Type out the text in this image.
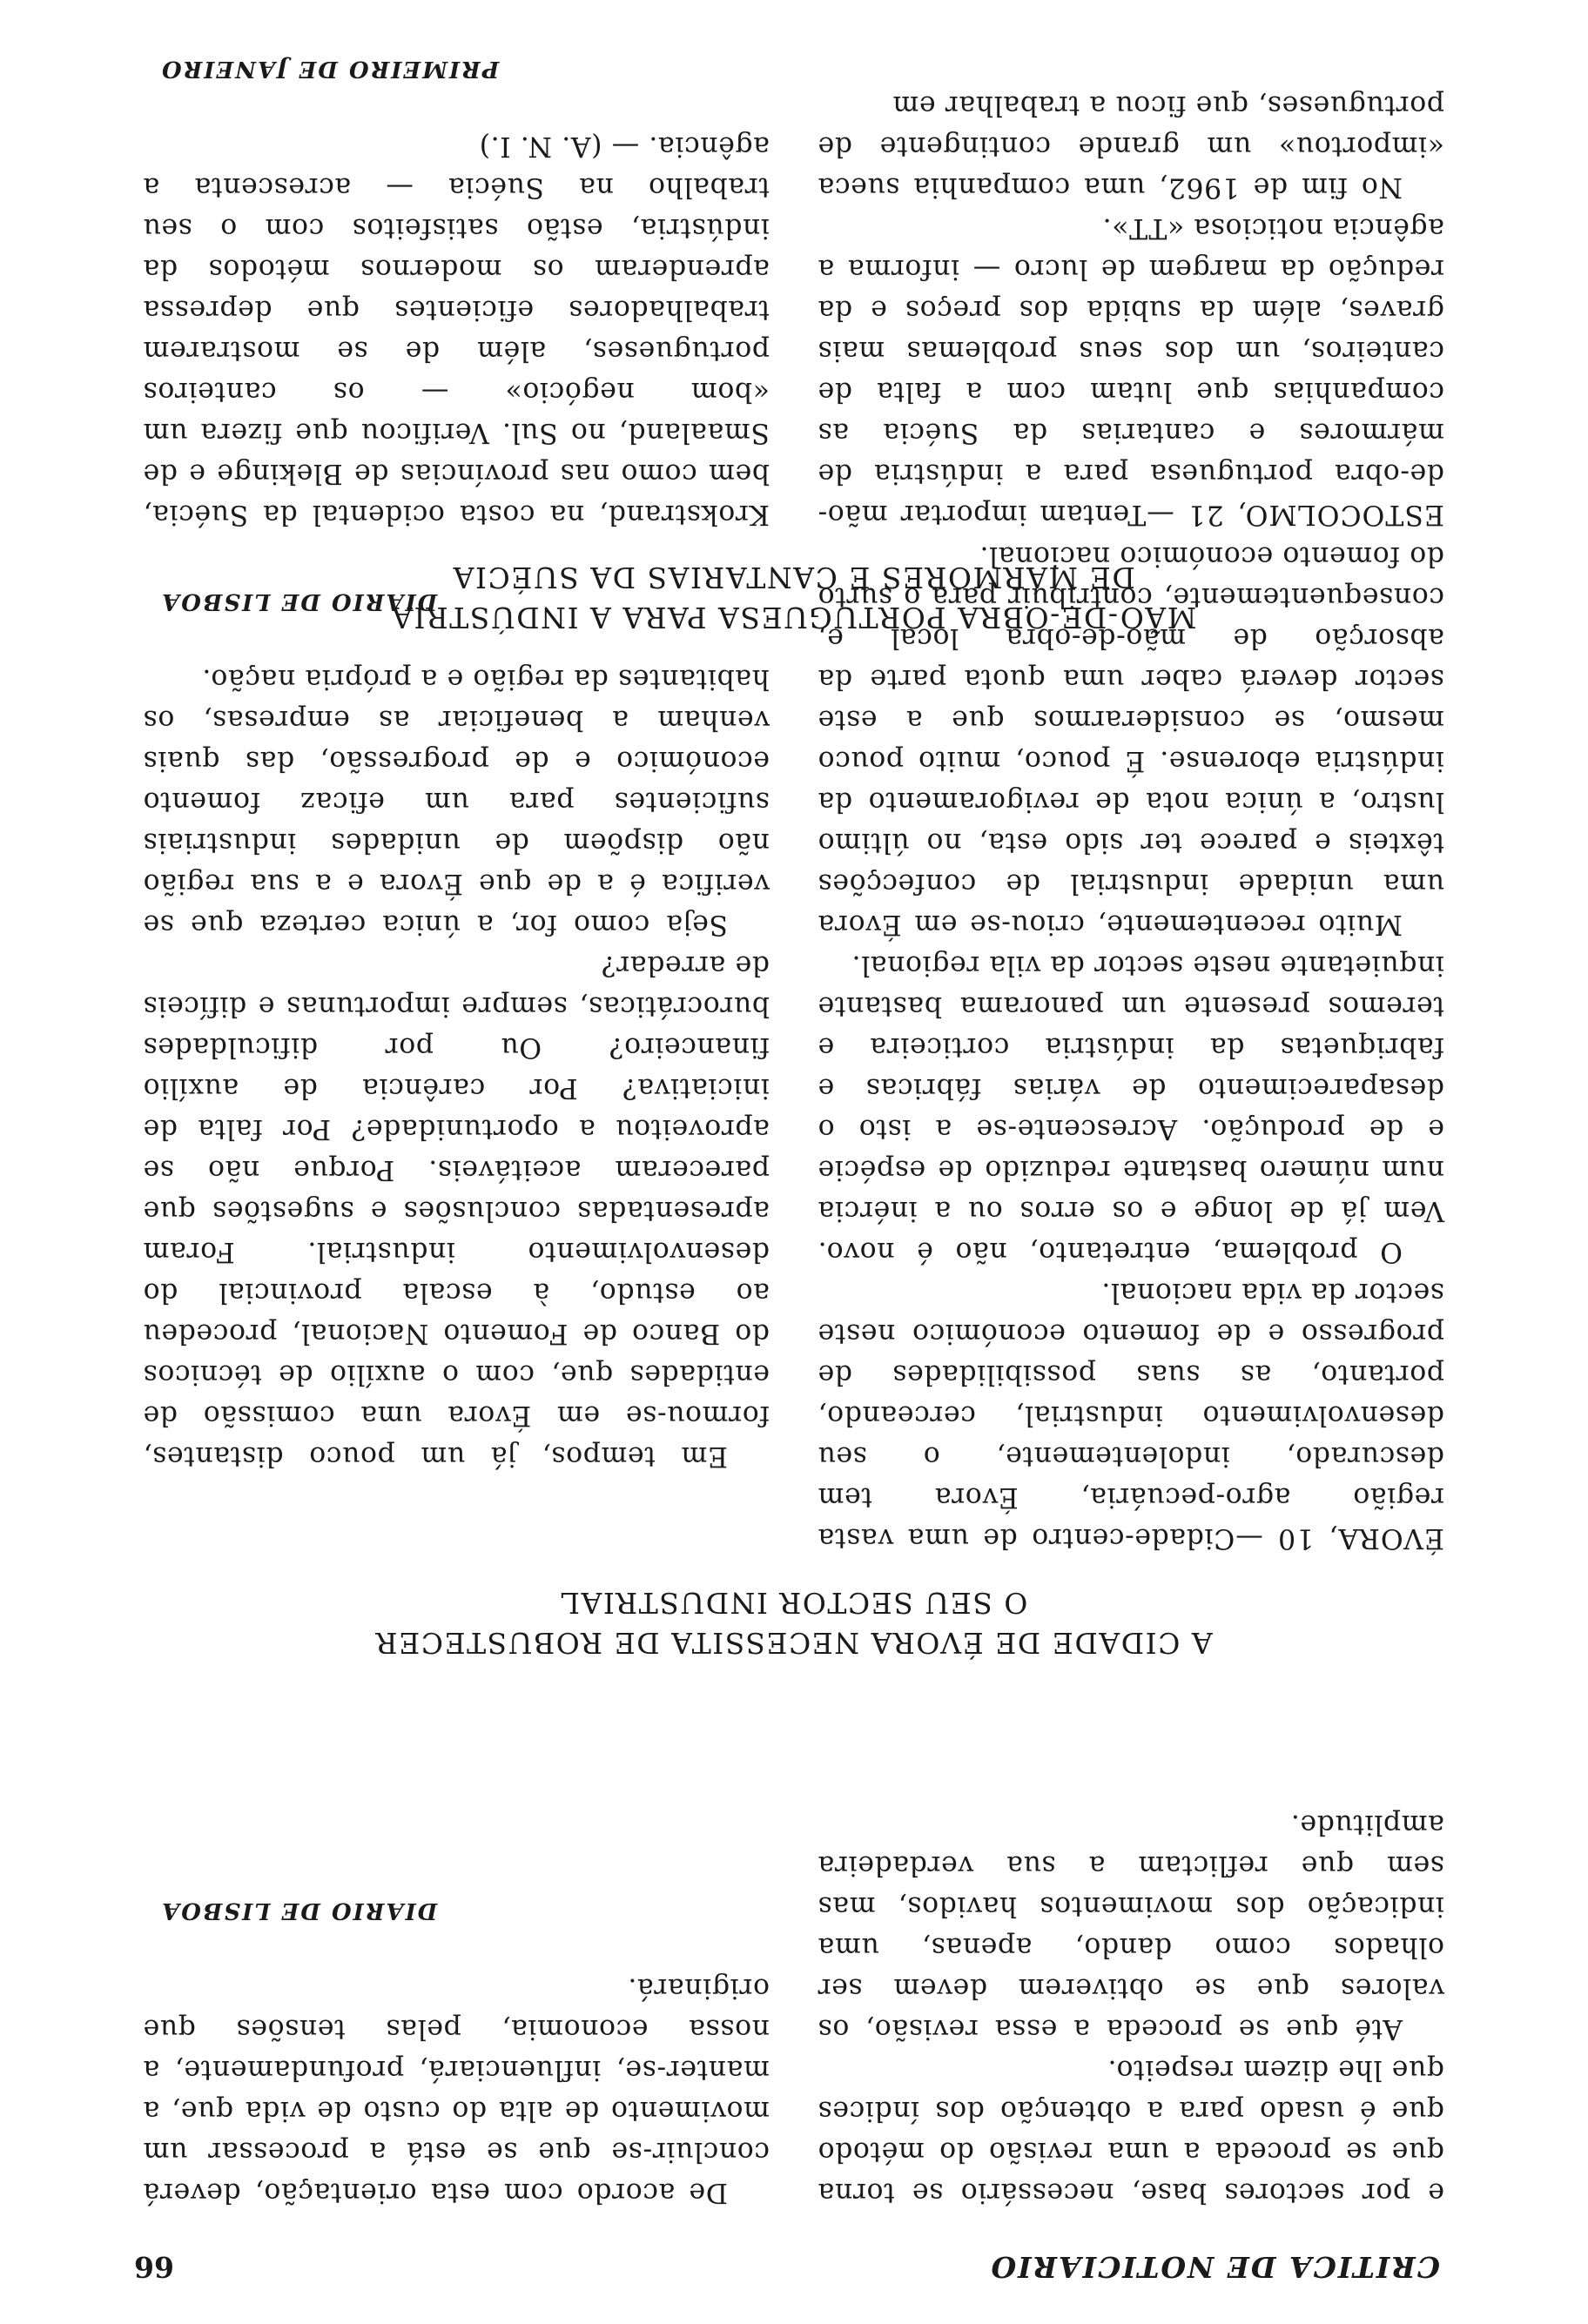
CRITICA DE NOTICIARIO
66

e por sectores base, necessário se torna que se proceda a uma revisão do método que é usado para a obtenção dos índices que lhe dizem respeito.

Até que se proceda a essa revisão, os valores que se obtiverem devem ser olhados como dando, apenas, uma indicação dos movimentos havidos, mas sem que reflictam a sua verdadeira amplitude.

De acordo com esta orientação, deverá concluir-se que se está a processar um movimento de alta do custo de vida que, a manter-se, influenciará, profundamente, a nossa economia, pelas tensões que originará.

DIARIO DE LISBOA
A CIDADE DE ÉVORA NECESSITA DE ROBUSTECER
O SEU SECTOR INDUSTRIAL

ÉVORA, 10 —Cidade-centro de uma vasta região agro-pecuária, Évora tem descurado, indolentemente, o seu desenvolvimento industrial, cerceando, portanto, as suas possibilidades de progresso e de fomento económico neste sector da vida nacional.

O problema, entretanto, não é novo. Vem já de longe e os erros ou a inércia num número bastante reduzido de espécie e de produção. Acrescente-se a isto o desaparecimento de várias fábricas e fabriquetas da indústria corticeira e teremos presente um panorama bastante inquietante neste sector da vila regional.

Muito recentemente, criou-se em Évora uma unidade industrial de confecções têxteis e parece ter sido esta, no último lustro, a única nota de revigoramento da indústria eborense. É pouco, muito pouco mesmo, se considerarmos que a este sector deverá caber uma quota parte da absorção de mão-de-obra local e, consequentemente, contribuir para o surto do fomento económico nacional.

Em tempos, já um pouco distantes, formou-se em Évora uma comissão de entidades que, com o auxílio de técnicos do Banco de Fomento Nacional, procedeu ao estudo, à escala provincial do desenvolvimento industrial. Foram apresentadas conclusões e sugestões que pareceram aceitáveis. Porque não se aproveitou a oportunidade? Por falta de iniciativa? Por carência de auxílio financeiro? Ou por dificuldades burocráticas, sempre importunas e difíceis de arredar?

Seja como for, a única certeza que se verifica é a de que Évora e a sua região não dispõem de unidades industriais suficientes para um eficaz fomento económico e de progressão, das quais venham a beneficiar as empresas, os habitantes da região e a própria nação.

DIARIO DE LISBOA
MÃO-DE-OBRA PORTUGUESA PARA A INDÚSTRIA
DE MÁRMORES E CANTARIAS DA SUÉCIA

ESTOCOLMO, 21 —Tentam importar mão-de-obra portuguesa para a indústria de mármores e cantarias da Suécia as companhias que lutam com a falta de canteiros, um dos seus problemas mais graves, além da subida dos preços e da redução da margem de lucro — informa a agência noticiosa «TT».

No fim de 1962, uma companhia sueca «importou» um grande contingente de portugueses, que ficou a trabalhar em

Krokstrand, na costa ocidental da Suécia, bem como nas províncias de Blekinge e de Smaaland, no Sul. Verificou que fizera um «bom negócio» — os canteiros portugueses, além de se mostrarem trabalhadores eficientes que depressa aprenderam os modernos métodos da indústria, estão satisfeitos com o seu trabalho na Suécia — acrescenta a agência. — (A. N. I.)

PRIMEIRO DE JANEIRO
